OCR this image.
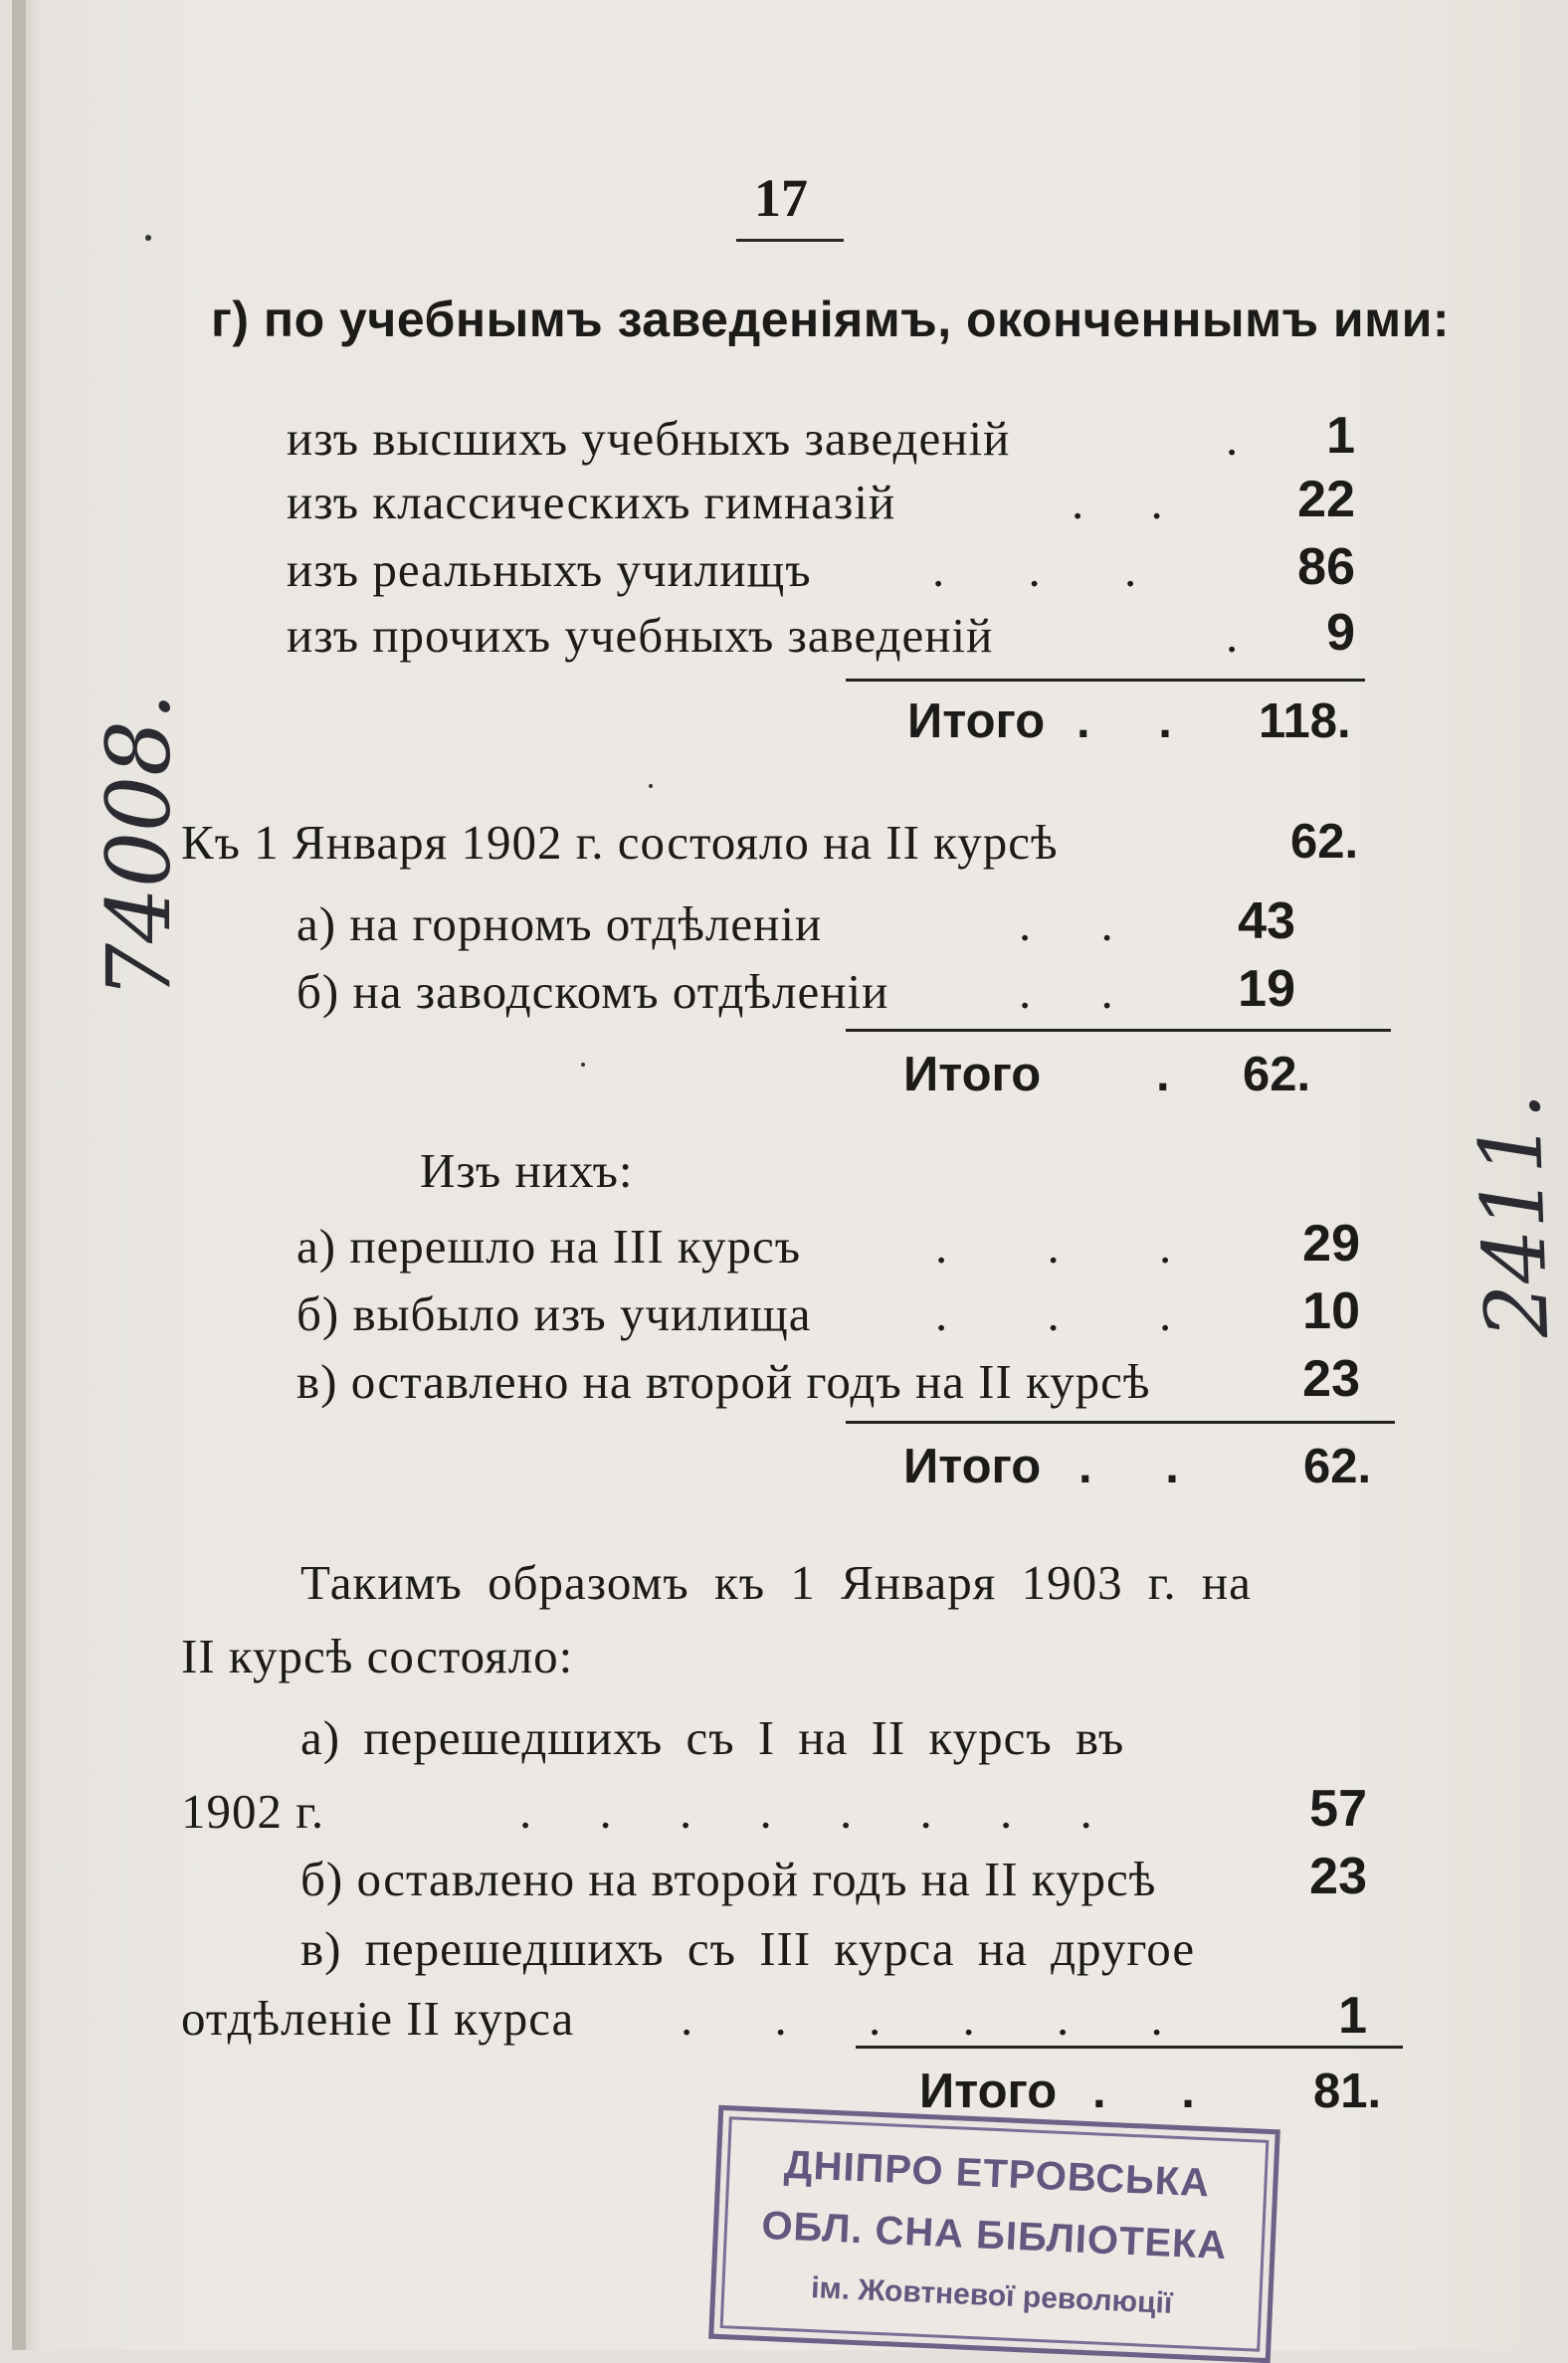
17
г) по учебнымъ заведеніямъ, оконченнымъ ими:
изъ высшихъ учебныхъ заведеній	.	1
изъ классическихъ гимназій	. .	22
изъ реальныхъ училищъ . . .	86
изъ прочихъ учебныхъ заведеній	.	9
Итого . . 118.
Къ 1 Января 1902 г. состояло на II курсѣ	62.
а) на горномъ отдѣленіи	. .	43
б) на заводскомъ отдѣленіи	. .	19
Итого . 62.
Изъ нихъ:
а) перешло на III курсъ	. . .	29
б) выбыло изъ училища	. . .	10
в) оставлено на второй годъ на II курсѣ	23
Итого . .	62.
Такимъ образомъ къ 1 Января 1903 г. на
II курсѣ состояло:
а) перешедшихъ съ I на II курсъ въ
1902 г.	. . . . . . . .	57
б) оставлено на второй годъ на II курсѣ	23
в) перешедшихъ съ III курса на другое
отдѣленіе II курса . . . . . .	1
Итого . . 81.
ДНІПРО ЕТРОВСЬКА
ОБЛ. СНА БІБЛІОТЕКА
ім. Жовтневої революції
74008.
2411.
